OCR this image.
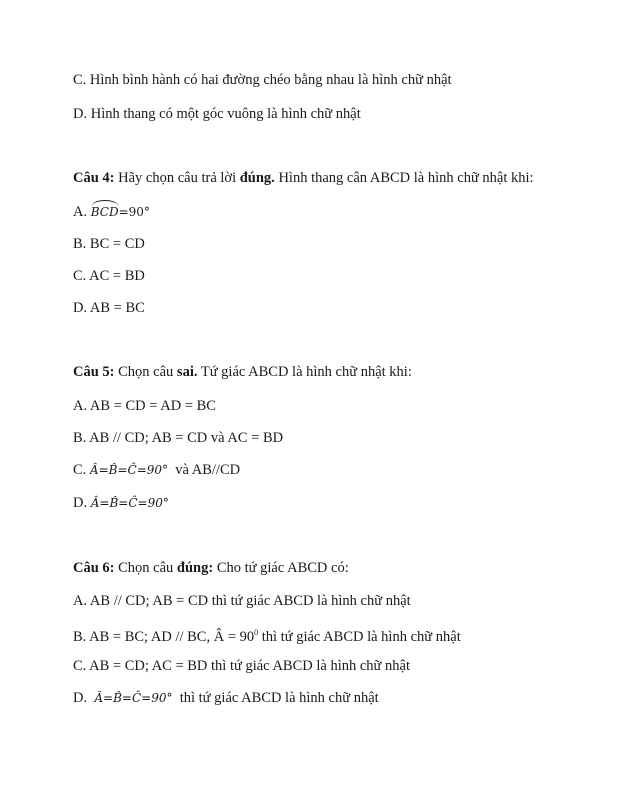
C. Hình bình hành có hai đường chéo bằng nhau là hình chữ nhật
D. Hình thang có một góc vuông là hình chữ nhật
Câu 4: Hãy chọn câu trả lời đúng. Hình thang cân ABCD là hình chữ nhật khi:
A. BCD=90°
B. BC = CD
C. AC = BD
D. AB = BC
Câu 5: Chọn câu sai. Tứ giác ABCD là hình chữ nhật khi:
A. AB = CD = AD = BC
B. AB // CD; AB = CD và AC = BD
C. Â=B̂=Ĉ=90°  và AB//CD
D. Â=B̂=Ĉ=90°
Câu 6: Chọn câu đúng: Cho tứ giác ABCD có:
A. AB // CD; AB = CD thì tứ giác ABCD là hình chữ nhật
B. AB = BC; AD // BC, Â = $90^0$ thì tứ giác ABCD là hình chữ nhật
C. AB = CD; AC = BD thì tứ giác ABCD là hình chữ nhật
D.  Â=B̂=Ĉ=90°  thì tứ giác ABCD là hình chữ nhật
